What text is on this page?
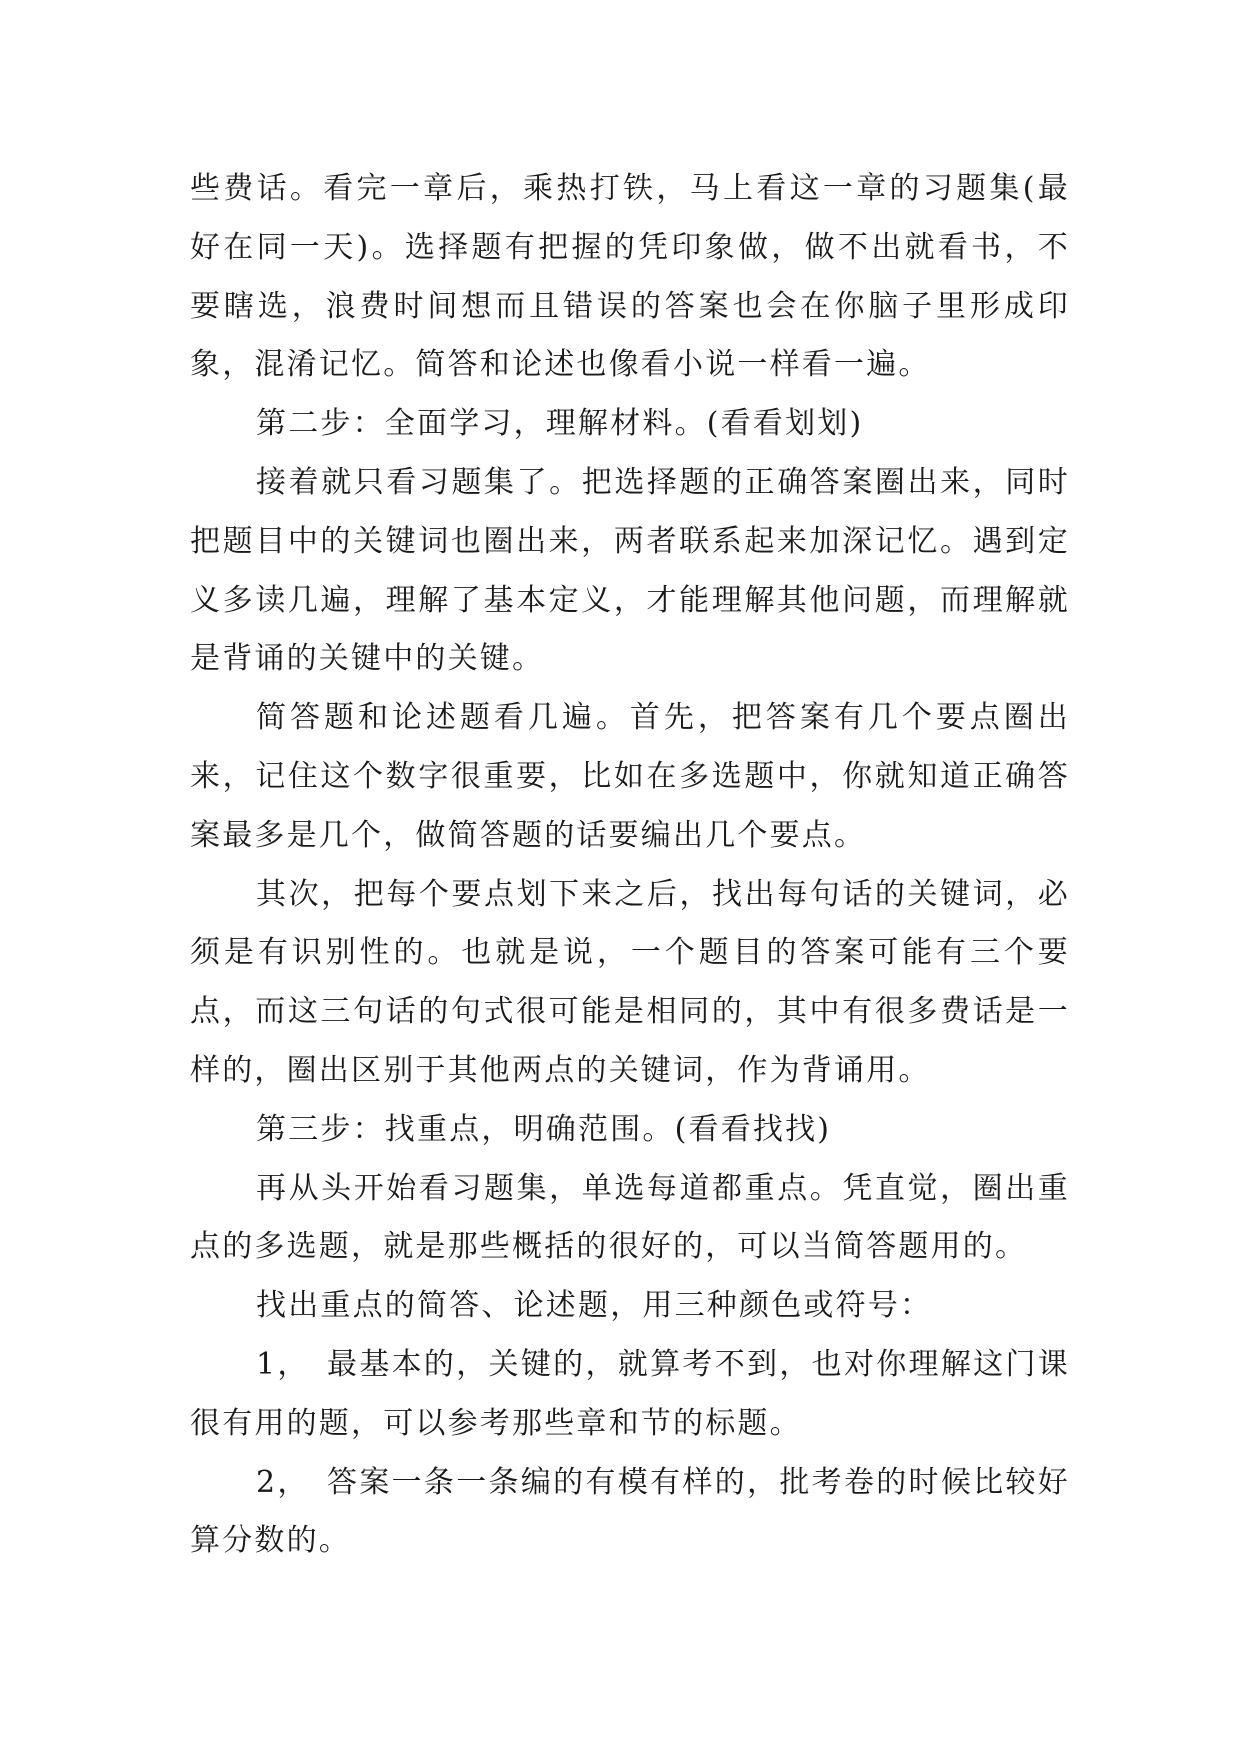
些费话。看完一章后，乘热打铁，马上看这一章的习题集(最好在同一天)。选择题有把握的凭印象做，做不出就看书，不要瞎选，浪费时间想而且错误的答案也会在你脑子里形成印象，混淆记忆。简答和论述也像看小说一样看一遍。

第二步：全面学习，理解材料。(看看划划)

接着就只看习题集了。把选择题的正确答案圈出来，同时把题目中的关键词也圈出来，两者联系起来加深记忆。遇到定义多读几遍，理解了基本定义，才能理解其他问题，而理解就是背诵的关键中的关键。

简答题和论述题看几遍。首先，把答案有几个要点圈出来，记住这个数字很重要，比如在多选题中，你就知道正确答案最多是几个，做简答题的话要编出几个要点。

其次，把每个要点划下来之后，找出每句话的关键词，必须是有识别性的。也就是说，一个题目的答案可能有三个要点，而这三句话的句式很可能是相同的，其中有很多费话是一样的，圈出区别于其他两点的关键词，作为背诵用。

第三步：找重点，明确范围。(看看找找)

再从头开始看习题集，单选每道都重点。凭直觉，圈出重点的多选题，就是那些概括的很好的，可以当简答题用的。

找出重点的简答、论述题，用三种颜色或符号：

1，　最基本的，关键的，就算考不到，也对你理解这门课很有用的题，可以参考那些章和节的标题。

2，　答案一条一条编的有模有样的，批考卷的时候比较好算分数的。
